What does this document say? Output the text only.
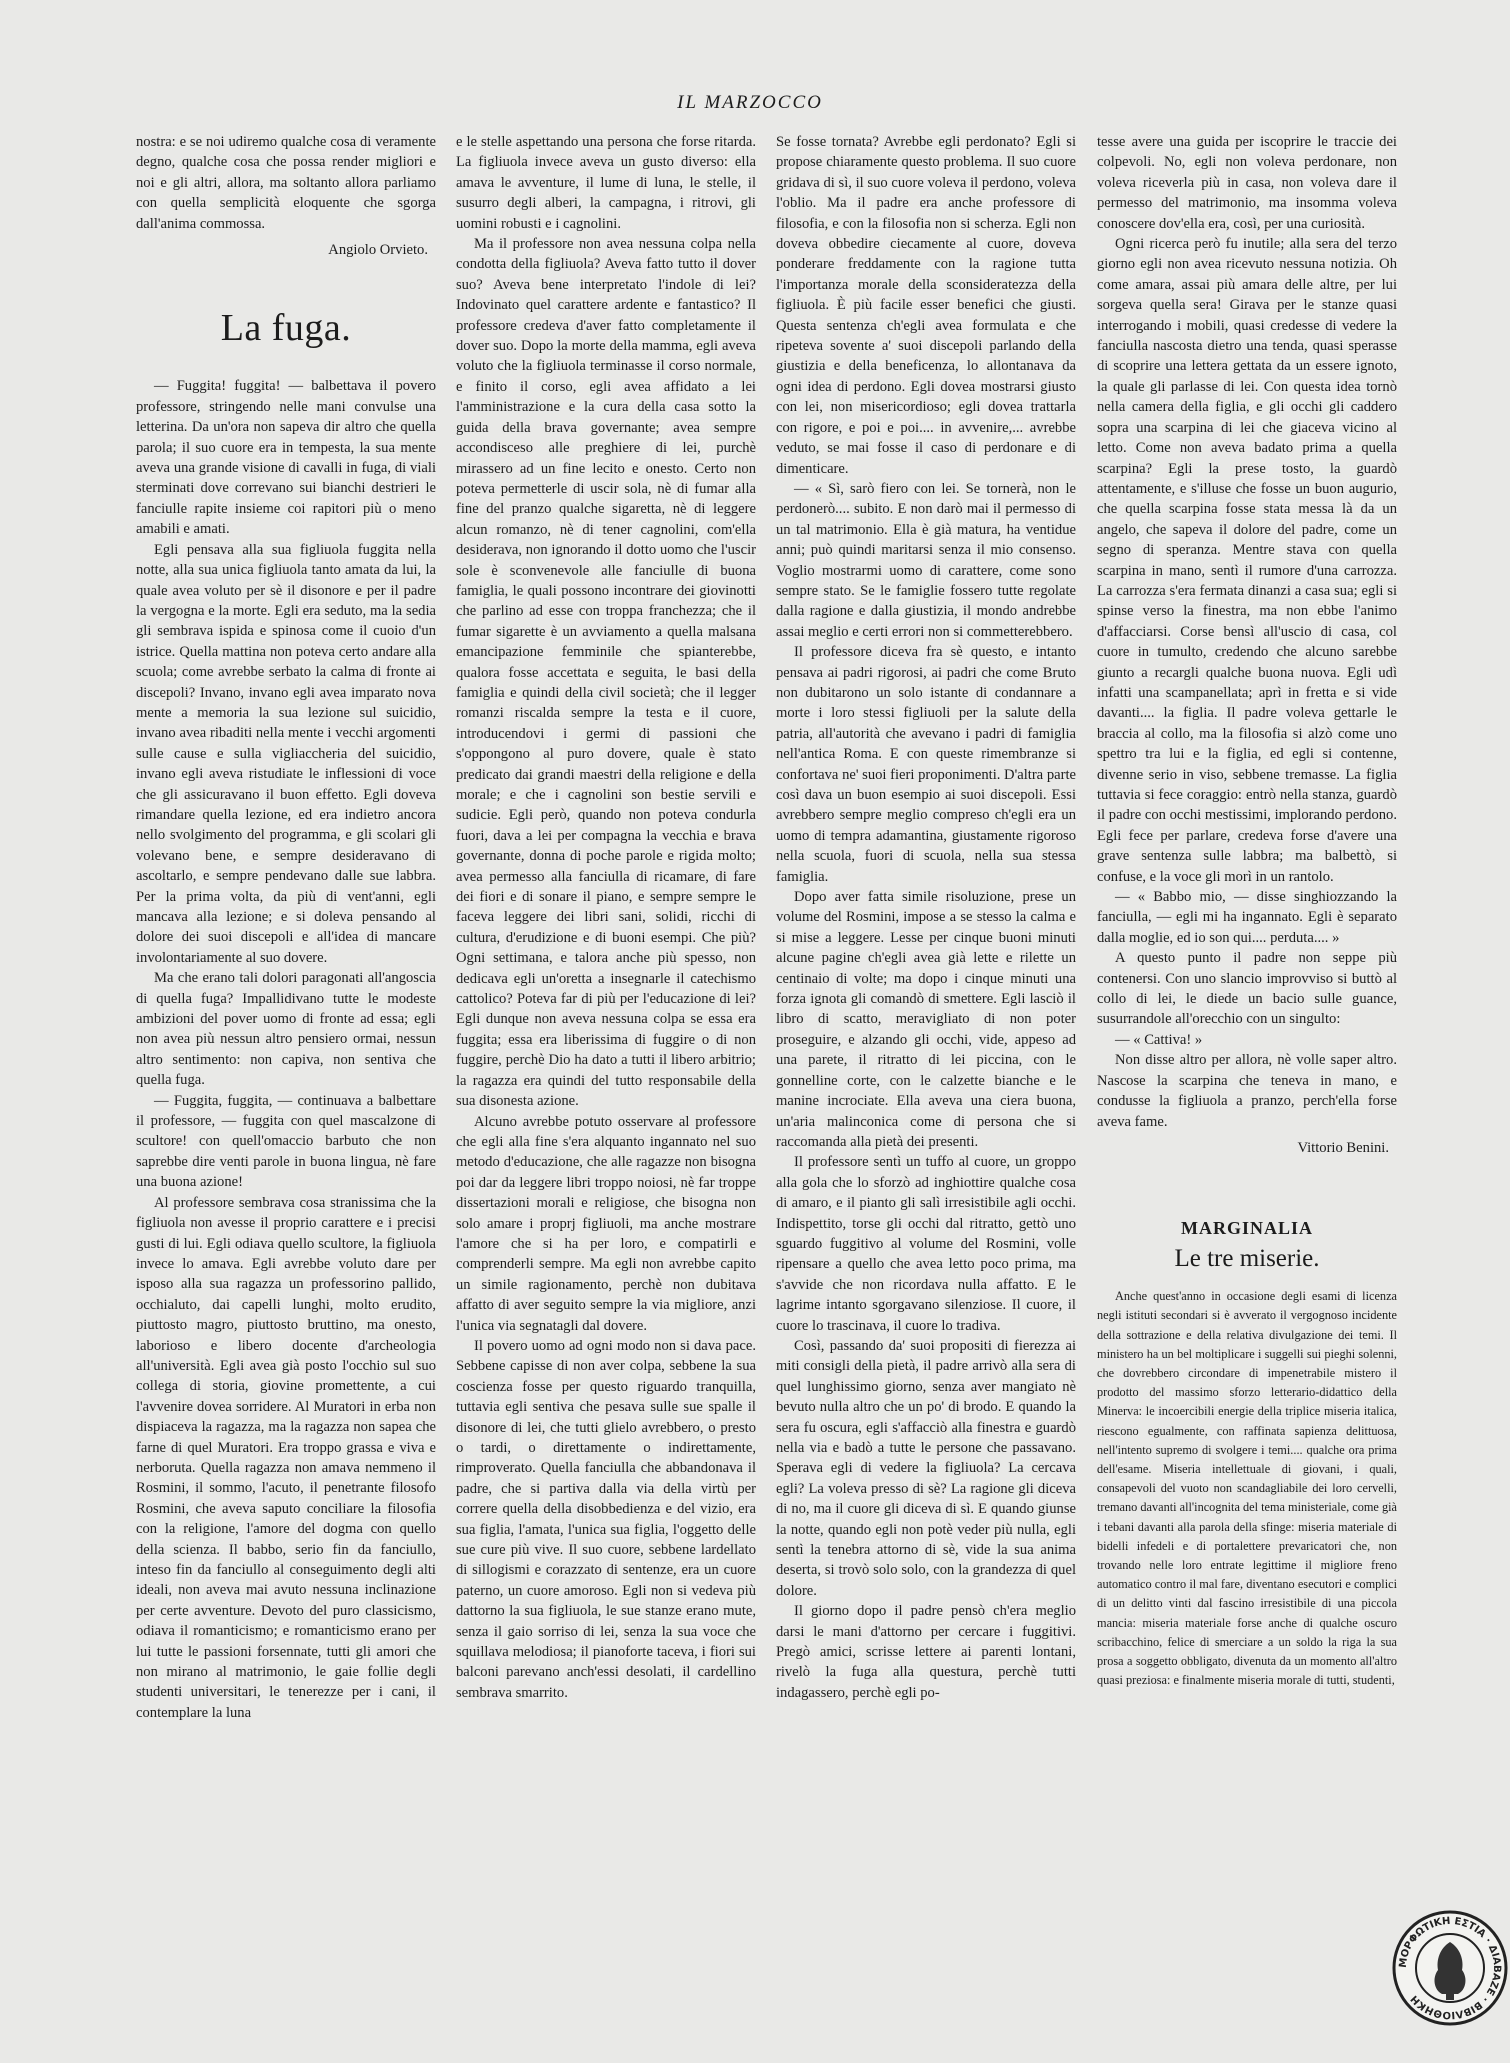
IL MARZOCCO

nostra: e se noi udiremo qualche cosa di veramente degno, qualche cosa che possa render migliori e noi e gli altri, allora, ma soltanto allora parliamo con quella semplicità eloquente che sgorga dall'anima commossa.

Angiolo Orvieto.
La fuga.

— Fuggita! fuggita! — balbettava il povero professore, stringendo nelle mani convulse una letterina. Da un'ora non sapeva dir altro che quella parola; il suo cuore era in tempesta, la sua mente aveva una grande visione di cavalli in fuga, di viali sterminati dove correvano sui bianchi destrieri le fanciulle rapite insieme coi rapitori più o meno amabili e amati.

Egli pensava alla sua figliuola fuggita nella notte, alla sua unica figliuola tanto amata da lui, la quale avea voluto per sè il disonore e per il padre la vergogna e la morte. Egli era seduto, ma la sedia gli sembrava ispida e spinosa come il cuoio d'un istrice. Quella mattina non poteva certo andare alla scuola; come avrebbe serbato la calma di fronte ai discepoli? Invano, invano egli avea imparato nova mente a memoria la sua lezione sul suicidio, invano avea ribaditi nella mente i vecchi argomenti sulle cause e sulla vigliaccheria del suicidio, invano egli aveva ristudiate le inflessioni di voce che gli assicuravano il buon effetto. Egli doveva rimandare quella lezione, ed era indietro ancora nello svolgimento del programma, e gli scolari gli volevano bene, e sempre desideravano di ascoltarlo, e sempre pendevano dalle sue labbra. Per la prima volta, da più di vent'anni, egli mancava alla lezione; e si doleva pensando al dolore dei suoi discepoli e all'idea di mancare involontariamente al suo dovere.

Ma che erano tali dolori paragonati all'angoscia di quella fuga? Impallidivano tutte le modeste ambizioni del pover uomo di fronte ad essa; egli non avea più nessun altro pensiero ormai, nessun altro sentimento: non capiva, non sentiva che quella fuga.

— Fuggita, fuggita, — continuava a balbettare il professore, — fuggita con quel mascalzone di scultore! con quell'omaccio barbuto che non saprebbe dire venti parole in buona lingua, nè fare una buona azione!

Al professore sembrava cosa stranissima che la figliuola non avesse il proprio carattere e i precisi gusti di lui. Egli odiava quello scultore, la figliuola invece lo amava. Egli avrebbe voluto dare per isposo alla sua ragazza un professorino pallido, occhialuto, dai capelli lunghi, molto erudito, piuttosto magro, piuttosto bruttino, ma onesto, laborioso e libero docente d'archeologia all'università. Egli avea già posto l'occhio sul suo collega di storia, giovine promettente, a cui l'avvenire dovea sorridere. Al Muratori in erba non dispiaceva la ragazza, ma la ragazza non sapea che farne di quel Muratori. Era troppo grassa e viva e nerboruta. Quella ragazza non amava nemmeno il Rosmini, il sommo, l'acuto, il penetrante filosofo Rosmini, che aveva saputo conciliare la filosofia con la religione, l'amore del dogma con quello della scienza. Il babbo, serio fin da fanciullo, inteso fin da fanciullo al conseguimento degli alti ideali, non aveva mai avuto nessuna inclinazione per certe avventure. Devoto del puro classicismo, odiava il romanticismo; e romanticismo erano per lui tutte le passioni forsennate, tutti gli amori che non mirano al matrimonio, le gaie follie degli studenti universitari, le tenerezze per i cani, il contemplare la luna

e le stelle aspettando una persona che forse ritarda. La figliuola invece aveva un gusto diverso: ella amava le avventure, il lume di luna, le stelle, il susurro degli alberi, la campagna, i ritrovi, gli uomini robusti e i cagnolini.

Ma il professore non avea nessuna colpa nella condotta della figliuola? Aveva fatto tutto il dover suo? Aveva bene interpretato l'indole di lei? Indovinato quel carattere ardente e fantastico? Il professore credeva d'aver fatto completamente il dover suo. Dopo la morte della mamma, egli aveva voluto che la figliuola terminasse il corso normale, e finito il corso, egli avea affidato a lei l'amministrazione e la cura della casa sotto la guida della brava governante; avea sempre accondisceso alle preghiere di lei, purchè mirassero ad un fine lecito e onesto. Certo non poteva permetterle di uscir sola, nè di fumar alla fine del pranzo qualche sigaretta, nè di leggere alcun romanzo, nè di tener cagnolini, com'ella desiderava, non ignorando il dotto uomo che l'uscir sole è sconvenevole alle fanciulle di buona famiglia, le quali possono incontrare dei giovinotti che parlino ad esse con troppa franchezza; che il fumar sigarette è un avviamento a quella malsana emancipazione femminile che spianterebbe, qualora fosse accettata e seguita, le basi della famiglia e quindi della civil società; che il legger romanzi riscalda sempre la testa e il cuore, introducendovi i germi di passioni che s'oppongono al puro dovere, quale è stato predicato dai grandi maestri della religione e della morale; e che i cagnolini son bestie servili e sudicie. Egli però, quando non poteva condurla fuori, dava a lei per compagna la vecchia e brava governante, donna di poche parole e rigida molto; avea permesso alla fanciulla di ricamare, di fare dei fiori e di sonare il piano, e sempre sempre le faceva leggere dei libri sani, solidi, ricchi di cultura, d'erudizione e di buoni esempi. Che più? Ogni settimana, e talora anche più spesso, non dedicava egli un'oretta a insegnarle il catechismo cattolico? Poteva far di più per l'educazione di lei? Egli dunque non aveva nessuna colpa se essa era fuggita; essa era liberissima di fuggire o di non fuggire, perchè Dio ha dato a tutti il libero arbitrio; la ragazza era quindi del tutto responsabile della sua disonesta azione.

Alcuno avrebbe potuto osservare al professore che egli alla fine s'era alquanto ingannato nel suo metodo d'educazione, che alle ragazze non bisogna poi dar da leggere libri troppo noiosi, nè far troppe dissertazioni morali e religiose, che bisogna non solo amare i proprj figliuoli, ma anche mostrare l'amore che si ha per loro, e compatirli e comprenderli sempre. Ma egli non avrebbe capito un simile ragionamento, perchè non dubitava affatto di aver seguito sempre la via migliore, anzi l'unica via segnatagli dal dovere.

Il povero uomo ad ogni modo non si dava pace. Sebbene capisse di non aver colpa, sebbene la sua coscienza fosse per questo riguardo tranquilla, tuttavia egli sentiva che pesava sulle sue spalle il disonore di lei, che tutti glielo avrebbero, o presto o tardi, o direttamente o indirettamente, rimproverato. Quella fanciulla che abbandonava il padre, che si partiva dalla via della virtù per correre quella della disobbedienza e del vizio, era sua figlia, l'amata, l'unica sua figlia, l'oggetto delle sue cure più vive. Il suo cuore, sebbene lardellato di sillogismi e corazzato di sentenze, era un cuore paterno, un cuore amoroso. Egli non si vedeva più dattorno la sua figliuola, le sue stanze erano mute, senza il gaio sorriso di lei, senza la sua voce che squillava melodiosa; il pianoforte taceva, i fiori sui balconi parevano anch'essi desolati, il cardellino sembrava smarrito.

Se fosse tornata? Avrebbe egli perdonato? Egli si propose chiaramente questo problema. Il suo cuore gridava di sì, il suo cuore voleva il perdono, voleva l'oblio. Ma il padre era anche professore di filosofia, e con la filosofia non si scherza. Egli non doveva obbedire ciecamente al cuore, doveva ponderare freddamente con la ragione tutta l'importanza morale della sconsideratezza della figliuola. È più facile esser benefici che giusti. Questa sentenza ch'egli avea formulata e che ripeteva sovente a' suoi discepoli parlando della giustizia e della beneficenza, lo allontanava da ogni idea di perdono. Egli dovea mostrarsi giusto con lei, non misericordioso; egli dovea trattarla con rigore, e poi e poi.... in avvenire,... avrebbe veduto, se mai fosse il caso di perdonare e di dimenticare.

— « Sì, sarò fiero con lei. Se tornerà, non le perdonerò.... subito. E non darò mai il permesso di un tal matrimonio. Ella è già matura, ha ventidue anni; può quindi maritarsi senza il mio consenso. Voglio mostrarmi uomo di carattere, come sono sempre stato. Se le famiglie fossero tutte regolate dalla ragione e dalla giustizia, il mondo andrebbe assai meglio e certi errori non si commetterebbero.

Il professore diceva fra sè questo, e intanto pensava ai padri rigorosi, ai padri che come Bruto non dubitarono un solo istante di condannare a morte i loro stessi figliuoli per la salute della patria, all'autorità che avevano i padri di famiglia nell'antica Roma. E con queste rimembranze si confortava ne' suoi fieri proponimenti. D'altra parte così dava un buon esempio ai suoi discepoli. Essi avrebbero sempre meglio compreso ch'egli era un uomo di tempra adamantina, giustamente rigoroso nella scuola, fuori di scuola, nella sua stessa famiglia.

Dopo aver fatta simile risoluzione, prese un volume del Rosmini, impose a se stesso la calma e si mise a leggere. Lesse per cinque buoni minuti alcune pagine ch'egli avea già lette e rilette un centinaio di volte; ma dopo i cinque minuti una forza ignota gli comandò di smettere. Egli lasciò il libro di scatto, meravigliato di non poter proseguire, e alzando gli occhi, vide, appeso ad una parete, il ritratto di lei piccina, con le gonnelline corte, con le calzette bianche e le manine incrociate. Ella aveva una ciera buona, un'aria malinconica come di persona che si raccomanda alla pietà dei presenti.

Il professore sentì un tuffo al cuore, un groppo alla gola che lo sforzò ad inghiottire qualche cosa di amaro, e il pianto gli salì irresistibile agli occhi. Indispettito, torse gli occhi dal ritratto, gettò uno sguardo fuggitivo al volume del Rosmini, volle ripensare a quello che avea letto poco prima, ma s'avvide che non ricordava nulla affatto. E le lagrime intanto sgorgavano silenziose. Il cuore, il cuore lo trascinava, il cuore lo tradiva.

Così, passando da' suoi propositi di fierezza ai miti consigli della pietà, il padre arrivò alla sera di quel lunghissimo giorno, senza aver mangiato nè bevuto nulla altro che un po' di brodo. E quando la sera fu oscura, egli s'affacciò alla finestra e guardò nella via e badò a tutte le persone che passavano. Sperava egli di vedere la figliuola? La cercava egli? La voleva presso di sè? La ragione gli diceva di no, ma il cuore gli diceva di sì. E quando giunse la notte, quando egli non potè veder più nulla, egli sentì la tenebra attorno di sè, vide la sua anima deserta, si trovò solo solo, con la grandezza di quel dolore.

Il giorno dopo il padre pensò ch'era meglio darsi le mani d'attorno per cercare i fuggitivi. Pregò amici, scrisse lettere ai parenti lontani, rivelò la fuga alla questura, perchè tutti indagassero, perchè egli po-

tesse avere una guida per iscoprire le traccie dei colpevoli. No, egli non voleva perdonare, non voleva riceverla più in casa, non voleva dare il permesso del matrimonio, ma insomma voleva conoscere dov'ella era, così, per una curiosità.

Ogni ricerca però fu inutile; alla sera del terzo giorno egli non avea ricevuto nessuna notizia. Oh come amara, assai più amara delle altre, per lui sorgeva quella sera! Girava per le stanze quasi interrogando i mobili, quasi credesse di vedere la fanciulla nascosta dietro una tenda, quasi sperasse di scoprire una lettera gettata da un essere ignoto, la quale gli parlasse di lei. Con questa idea tornò nella camera della figlia, e gli occhi gli caddero sopra una scarpina di lei che giaceva vicino al letto. Come non aveva badato prima a quella scarpina? Egli la prese tosto, la guardò attentamente, e s'illuse che fosse un buon augurio, che quella scarpina fosse stata messa là da un angelo, che sapeva il dolore del padre, come un segno di speranza. Mentre stava con quella scarpina in mano, sentì il rumore d'una carrozza. La carrozza s'era fermata dinanzi a casa sua; egli si spinse verso la finestra, ma non ebbe l'animo d'affacciarsi. Corse bensì all'uscio di casa, col cuore in tumulto, credendo che alcuno sarebbe giunto a recargli qualche buona nuova. Egli udì infatti una scampanellata; aprì in fretta e si vide davanti.... la figlia. Il padre voleva gettarle le braccia al collo, ma la filosofia si alzò come uno spettro tra lui e la figlia, ed egli si contenne, divenne serio in viso, sebbene tremasse. La figlia tuttavia si fece coraggio: entrò nella stanza, guardò il padre con occhi mestissimi, implorando perdono. Egli fece per parlare, credeva forse d'avere una grave sentenza sulle labbra; ma balbettò, si confuse, e la voce gli morì in un rantolo.

— « Babbo mio, — disse singhiozzando la fanciulla, — egli mi ha ingannato. Egli è separato dalla moglie, ed io son qui.... perduta.... »

A questo punto il padre non seppe più contenersi. Con uno slancio improvviso si buttò al collo di lei, le diede un bacio sulle guance, susurrandole all'orecchio con un singulto:

— « Cattiva! »

Non disse altro per allora, nè volle saper altro. Nascose la scarpina che teneva in mano, e condusse la figliuola a pranzo, perch'ella forse aveva fame.

Vittorio Benini.
MARGINALIA
Le tre miserie.

Anche quest'anno in occasione degli esami di licenza negli istituti secondari si è avverato il vergognoso incidente della sottrazione e della relativa divulgazione dei temi. Il ministero ha un bel moltiplicare i suggelli sui pieghi solenni, che dovrebbero circondare di impenetrabile mistero il prodotto del massimo sforzo letterario-didattico della Minerva: le incoercibili energie della triplice miseria italica, riescono egualmente, con raffinata sapienza delittuosa, nell'intento supremo di svolgere i temi.... qualche ora prima dell'esame. Miseria intellettuale di giovani, i quali, consapevoli del vuoto non scandagliabile dei loro cervelli, tremano davanti all'incognita del tema ministeriale, come già i tebani davanti alla parola della sfinge: miseria materiale di bidelli infedeli e di portalettere prevaricatori che, non trovando nelle loro entrate legittime il migliore freno automatico contro il mal fare, diventano esecutori e complici di un delitto vinti dal fascino irresistibile di una piccola mancia: miseria materiale forse anche di qualche oscuro scribacchino, felice di smerciare a un soldo la riga la sua prosa a soggetto obbligato, divenuta da un momento all'altro quasi preziosa: e finalmente miseria morale di tutti, studenti,

ΜΟΡΦΩΤΙΚΗ ΕΣΤΙΑ · ΔΙΑΒΑΖΕ · ΒΙΒΛΙΟΘΗΚΗ
